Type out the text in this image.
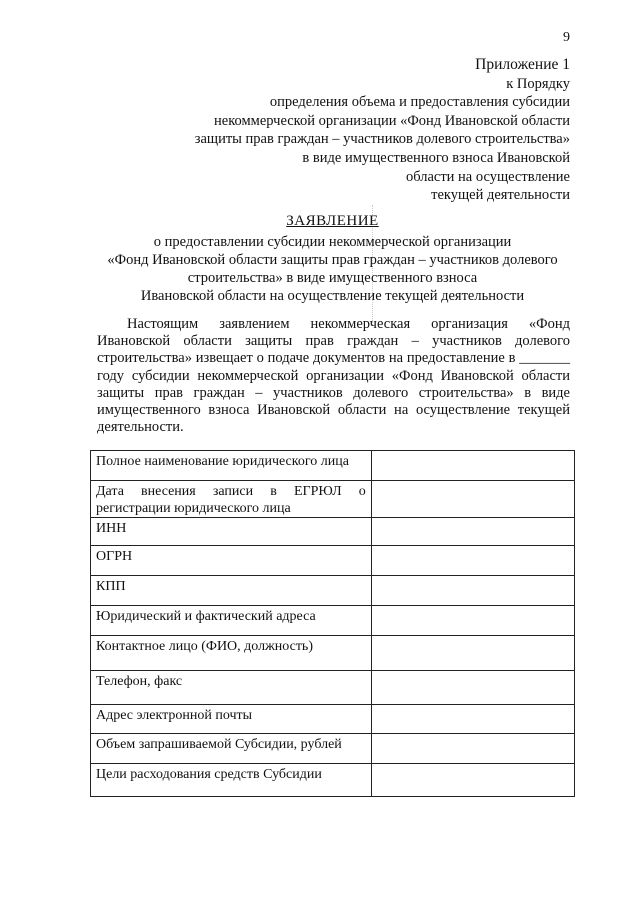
9
Приложение 1
к Порядку
определения объема и предоставления субсидии
некоммерческой организации «Фонд Ивановской области
защиты прав граждан – участников долевого строительства»
в виде имущественного взноса Ивановской
области на осуществление
текущей деятельности
ЗАЯВЛЕНИЕ
о предоставлении субсидии некоммерческой организации
«Фонд Ивановской области защиты прав граждан – участников долевого
строительства» в виде имущественного взноса
Ивановской области на осуществление текущей деятельности
Настоящим заявлением некоммерческая организация «Фонд Ивановской области защиты прав граждан – участников долевого строительства» извещает о подаче документов на предоставление в _______ году субсидии некоммерческой организации «Фонд Ивановской области защиты прав граждан – участников долевого строительства» в виде имущественного взноса Ивановской области на осуществление текущей деятельности.
Полное наименование юридического лица	

Дата внесения записи в ЕГРЮЛ о
регистрации юридического лица	

ИНН	
ОГРН	
КПП	
Юридический и фактический адреса	
Контактное лицо (ФИО, должность)	
Телефон, факс	
Адрес электронной почты	
Объем запрашиваемой Субсидии, рублей	
Цели расходования средств Субсидии	
